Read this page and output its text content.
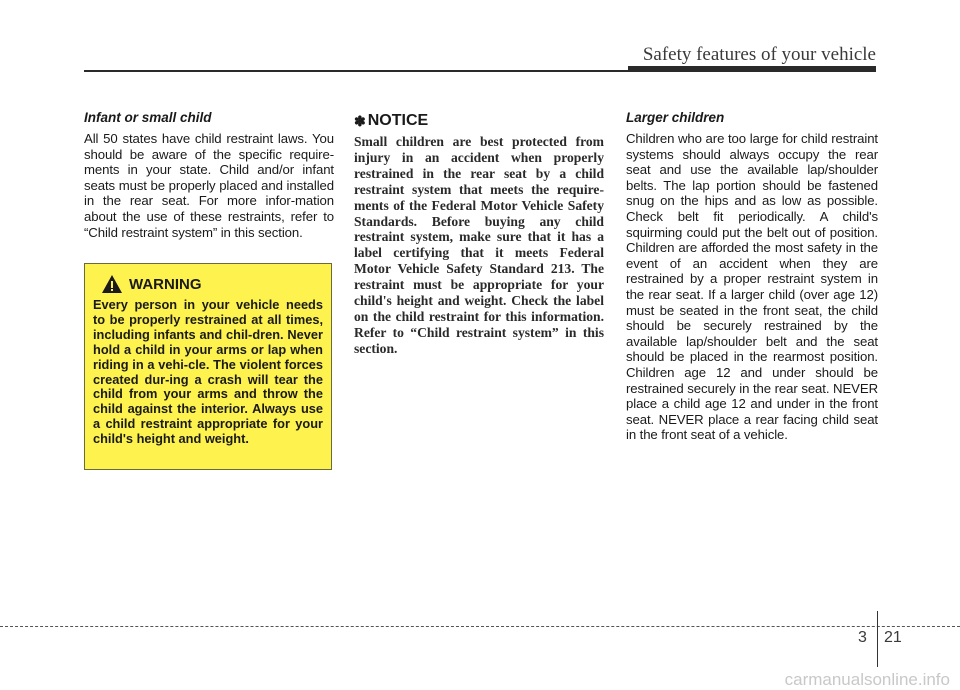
Safety features of your vehicle
Infant or small child

All 50 states have child restraint laws. You should be aware of the specific require-ments in your state. Child and/or infant seats must be properly placed and installed in the rear seat. For more infor-mation about the use of these restraints, refer to “Child restraint system” in this section.

WARNING

Every person in your vehicle needs to be properly restrained at all times, including infants and chil-dren. Never hold a child in your arms or lap when riding in a vehi-cle. The violent forces created dur-ing a crash will tear the child from your arms and throw the child against the interior. Always use a child restraint appropriate for your child's height and weight.

✽ NOTICE

Small children are best protected from injury in an accident when properly restrained in the rear seat by a child restraint system that meets the require-ments of the Federal Motor Vehicle Safety Standards. Before buying any child restraint system, make sure that it has a label certifying that it meets Federal Motor Vehicle Safety Standard 213. The restraint must be appropriate for your child's height and weight. Check the label on the child restraint for this information. Refer to “Child restraint system” in this section.

Larger children

Children who are too large for child restraint systems should always occupy the rear seat and use the available lap/shoulder belts. The lap portion should be fastened snug on the hips and as low as possible. Check belt fit periodically. A child's squirming could put the belt out of position. Children are afforded the most safety in the event of an accident when they are restrained by a proper restraint system in the rear seat. If a larger child (over age 12) must be seated in the front seat, the child should be securely restrained by the available lap/shoulder belt and the seat should be placed in the rearmost position. Children age 12 and under should be restrained securely in the rear seat. NEVER place a child age 12 and under in the front seat. NEVER place a rear facing child seat in the front seat of a vehicle.

3 21
carmanualsonline.info
